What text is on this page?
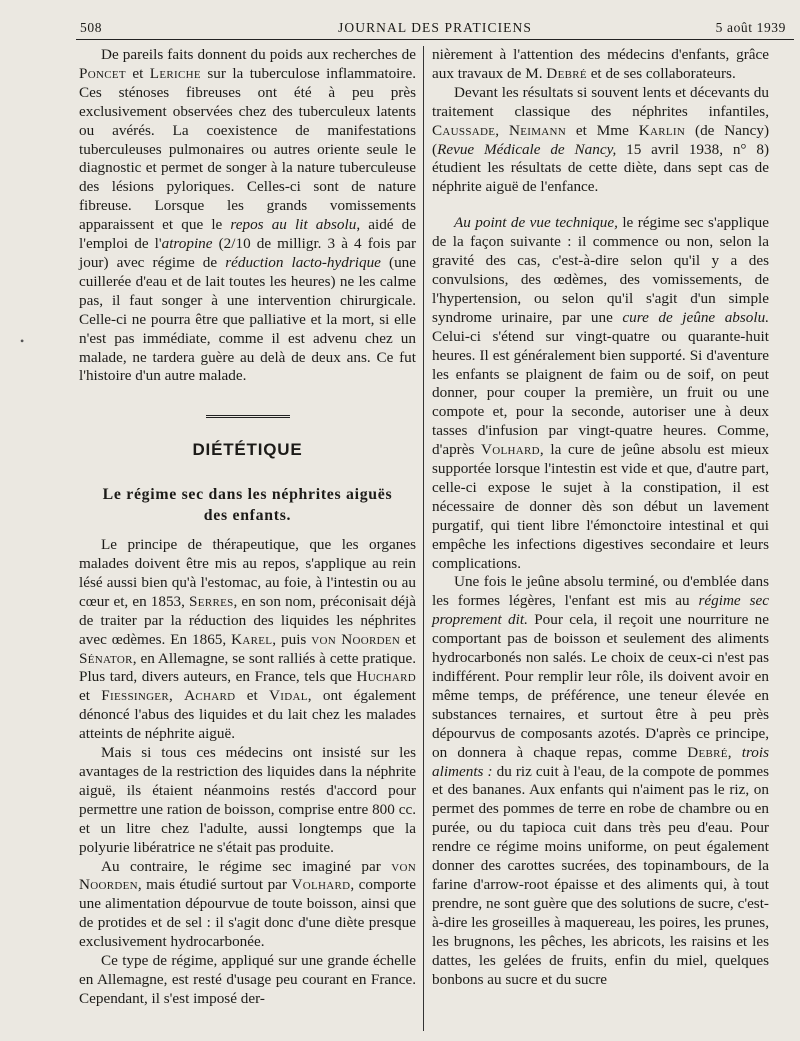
508	JOURNAL DES PRATICIENS	5 août 1939
•

De pareils faits donnent du poids aux recherches de Poncet et Leriche sur la tuberculose inflammatoire. Ces sténoses fibreuses ont été à peu près exclusivement observées chez des tuberculeux latents ou avérés. La coexistence de manifestations tuberculeuses pulmonaires ou autres oriente seule le diagnostic et permet de songer à la nature tuberculeuse des lésions pyloriques. Celles-ci sont de nature fibreuse. Lorsque les grands vomissements apparaissent et que le repos au lit absolu, aidé de l'emploi de l'atropine (2/10 de milligr. 3 à 4 fois par jour) avec régime de réduction lacto-hydrique (une cuillerée d'eau et de lait toutes les heures) ne les calme pas, il faut songer à une intervention chirurgicale. Celle-ci ne pourra être que palliative et la mort, si elle n'est pas immédiate, comme il est advenu chez un malade, ne tardera guère au delà de deux ans. Ce fut l'histoire d'un autre malade.

DIÉTÉTIQUE
Le régime sec dans les néphrites aiguës
des enfants.

Le principe de thérapeutique, que les organes malades doivent être mis au repos, s'applique au rein lésé aussi bien qu'à l'estomac, au foie, à l'intestin ou au cœur et, en 1853, Serres, en son nom, préconisait déjà de traiter par la réduction des liquides les néphrites avec œdèmes. En 1865, Karel, puis von Noorden et Sénator, en Allemagne, se sont ralliés à cette pratique. Plus tard, divers auteurs, en France, tels que Huchard et Fiessinger, Achard et Vidal, ont également dénoncé l'abus des liquides et du lait chez les malades atteints de néphrite aiguë.

Mais si tous ces médecins ont insisté sur les avantages de la restriction des liquides dans la néphrite aiguë, ils étaient néanmoins restés d'accord pour permettre une ration de boisson, comprise entre 800 cc. et un litre chez l'adulte, aussi longtemps que la polyurie libératrice ne s'était pas produite.

Au contraire, le régime sec imaginé par von Noorden, mais étudié surtout par Volhard, comporte une alimentation dépourvue de toute boisson, ainsi que de protides et de sel : il s'agit donc d'une diète presque exclusivement hydrocarbonée.

Ce type de régime, appliqué sur une grande échelle en Allemagne, est resté d'usage peu courant en France. Cependant, il s'est imposé der-

nièrement à l'attention des médecins d'enfants, grâce aux travaux de M. Debré et de ses collaborateurs.

Devant les résultats si souvent lents et décevants du traitement classique des néphrites infantiles, Caussade, Neimann et Mme Karlin (de Nancy) (Revue Médicale de Nancy, 15 avril 1938, n° 8) étudient les résultats de cette diète, dans sept cas de néphrite aiguë de l'enfance.

Au point de vue technique, le régime sec s'applique de la façon suivante : il commence ou non, selon la gravité des cas, c'est-à-dire selon qu'il y a des convulsions, des œdèmes, des vomissements, de l'hypertension, ou selon qu'il s'agit d'un simple syndrome urinaire, par une cure de jeûne absolu. Celui-ci s'étend sur vingt-quatre ou quarante-huit heures. Il est généralement bien supporté. Si d'aventure les enfants se plaignent de faim ou de soif, on peut donner, pour couper la première, un fruit ou une compote et, pour la seconde, autoriser une à deux tasses d'infusion par vingt-quatre heures. Comme, d'après Volhard, la cure de jeûne absolu est mieux supportée lorsque l'intestin est vide et que, d'autre part, celle-ci expose le sujet à la constipation, il est nécessaire de donner dès son début un lavement purgatif, qui tient libre l'émonctoire intestinal et qui empêche les infections digestives secondaire et leurs complications.

Une fois le jeûne absolu terminé, ou d'emblée dans les formes légères, l'enfant est mis au régime sec proprement dit. Pour cela, il reçoit une nourriture ne comportant pas de boisson et seulement des aliments hydrocarbonés non salés. Le choix de ceux-ci n'est pas indifférent. Pour remplir leur rôle, ils doivent avoir en même temps, de préférence, une teneur élevée en substances ternaires, et surtout être à peu près dépourvus de composants azotés. D'après ce principe, on donnera à chaque repas, comme Debré, trois aliments : du riz cuit à l'eau, de la compote de pommes et des bananes. Aux enfants qui n'aiment pas le riz, on permet des pommes de terre en robe de chambre ou en purée, ou du tapioca cuit dans très peu d'eau. Pour rendre ce régime moins uniforme, on peut également donner des carottes sucrées, des topinambours, de la farine d'arrow-root épaisse et des aliments qui, à tout prendre, ne sont guère que des solutions de sucre, c'est-à-dire les groseilles à maquereau, les poires, les prunes, les brugnons, les pêches, les abricots, les raisins et les dattes, les gelées de fruits, enfin du miel, quelques bonbons au sucre et du sucre
